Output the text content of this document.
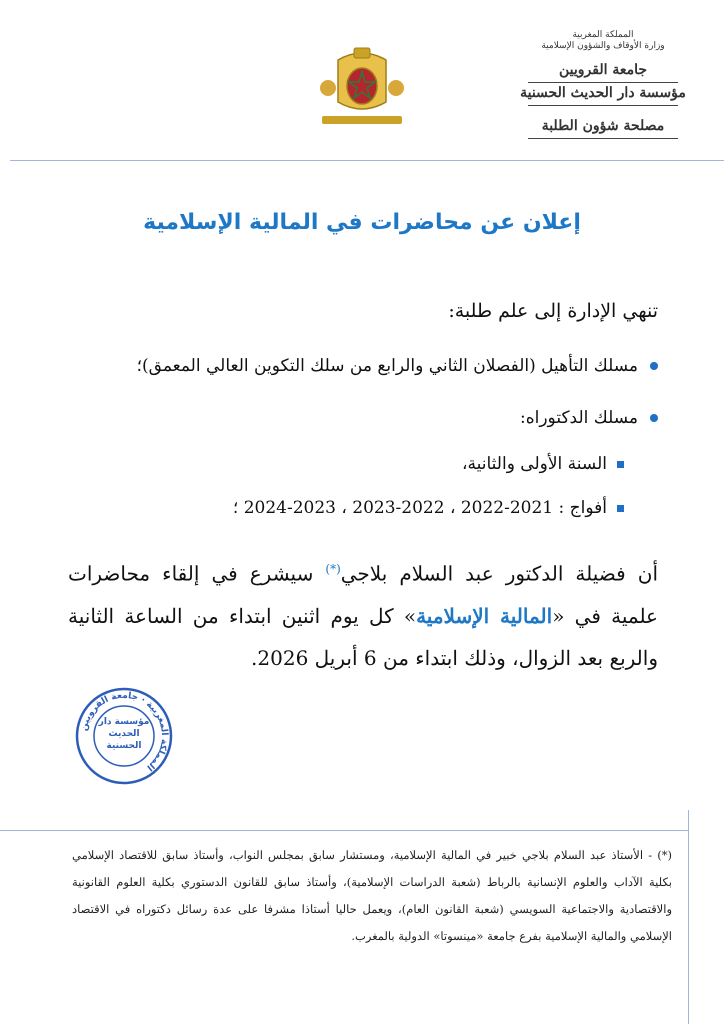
المملكة المغربية
وزارة الأوقاف والشؤون الإسلامية
جامعة القرويين
مؤسسة دار الحديث الحسنية
مصلحة شؤون الطلبة
إعلان عن محاضرات في المالية الإسلامية
تنهي الإدارة إلى علم طلبة:
مسلك التأهيل (الفصلان الثاني والرابع من سلك التكوين العالي المعمق)؛
مسلك الدكتوراه:
السنة الأولى والثانية،
أفواج : 2021-2022 ، 2022-2023 ، 2023-2024 ؛
أن فضيلة الدكتور عبد السلام بلاجي(*) سيشرع في إلقاء محاضرات علمية في «المالية الإسلامية» كل يوم اثنين ابتداء من الساعة الثانية والربع بعد الزوال، وذلك ابتداء من 6 أبريل 2026.
المملكة المغربية · جامعة القرويين
مؤسسة دار الحديث الحسنية
(*) - الأستاذ عبد السلام بلاجي خبير في المالية الإسلامية، ومستشار سابق بمجلس النواب، وأستاذ سابق للاقتصاد الإسلامي بكلية الآداب والعلوم الإنسانية بالرباط (شعبة الدراسات الإسلامية)، وأستاذ سابق للقانون الدستوري بكلية العلوم القانونية والاقتصادية والاجتماعية السويسي (شعبة القانون العام)، ويعمل حاليا أستاذا مشرفا على عدة رسائل دكتوراه في الاقتصاد الإسلامي والمالية الإسلامية بفرع جامعة «مينسوتا» الدولية بالمغرب.
